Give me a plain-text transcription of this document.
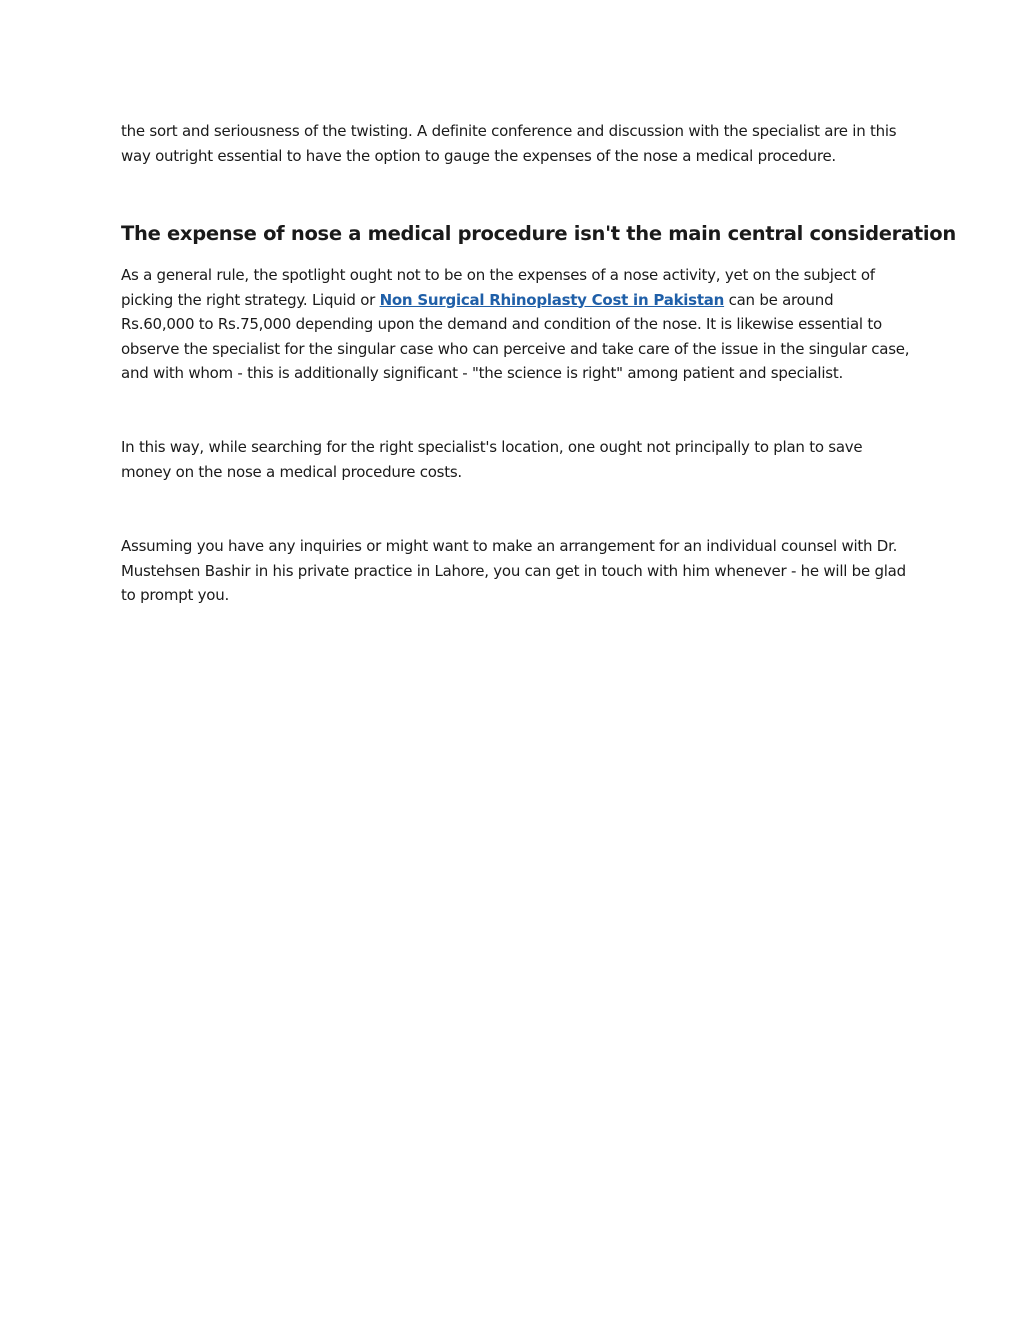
the sort and seriousness of the twisting. A definite conference and discussion with the specialist are in this way outright essential to have the option to gauge the expenses of the nose a medical procedure.

The expense of nose a medical procedure isn't the main central consideration

As a general rule, the spotlight ought not to be on the expenses of a nose activity, yet on the subject of picking the right strategy. Liquid or Non Surgical Rhinoplasty Cost in Pakistan can be around Rs.60,000 to Rs.75,000 depending upon the demand and condition of the nose. It is likewise essential to observe the specialist for the singular case who can perceive and take care of the issue in the singular case, and with whom - this is additionally significant - "the science is right" among patient and specialist.

In this way, while searching for the right specialist's location, one ought not principally to plan to save money on the nose a medical procedure costs.

Assuming you have any inquiries or might want to make an arrangement for an individual counsel with Dr. Mustehsen Bashir in his private practice in Lahore, you can get in touch with him whenever - he will be glad to prompt you.
